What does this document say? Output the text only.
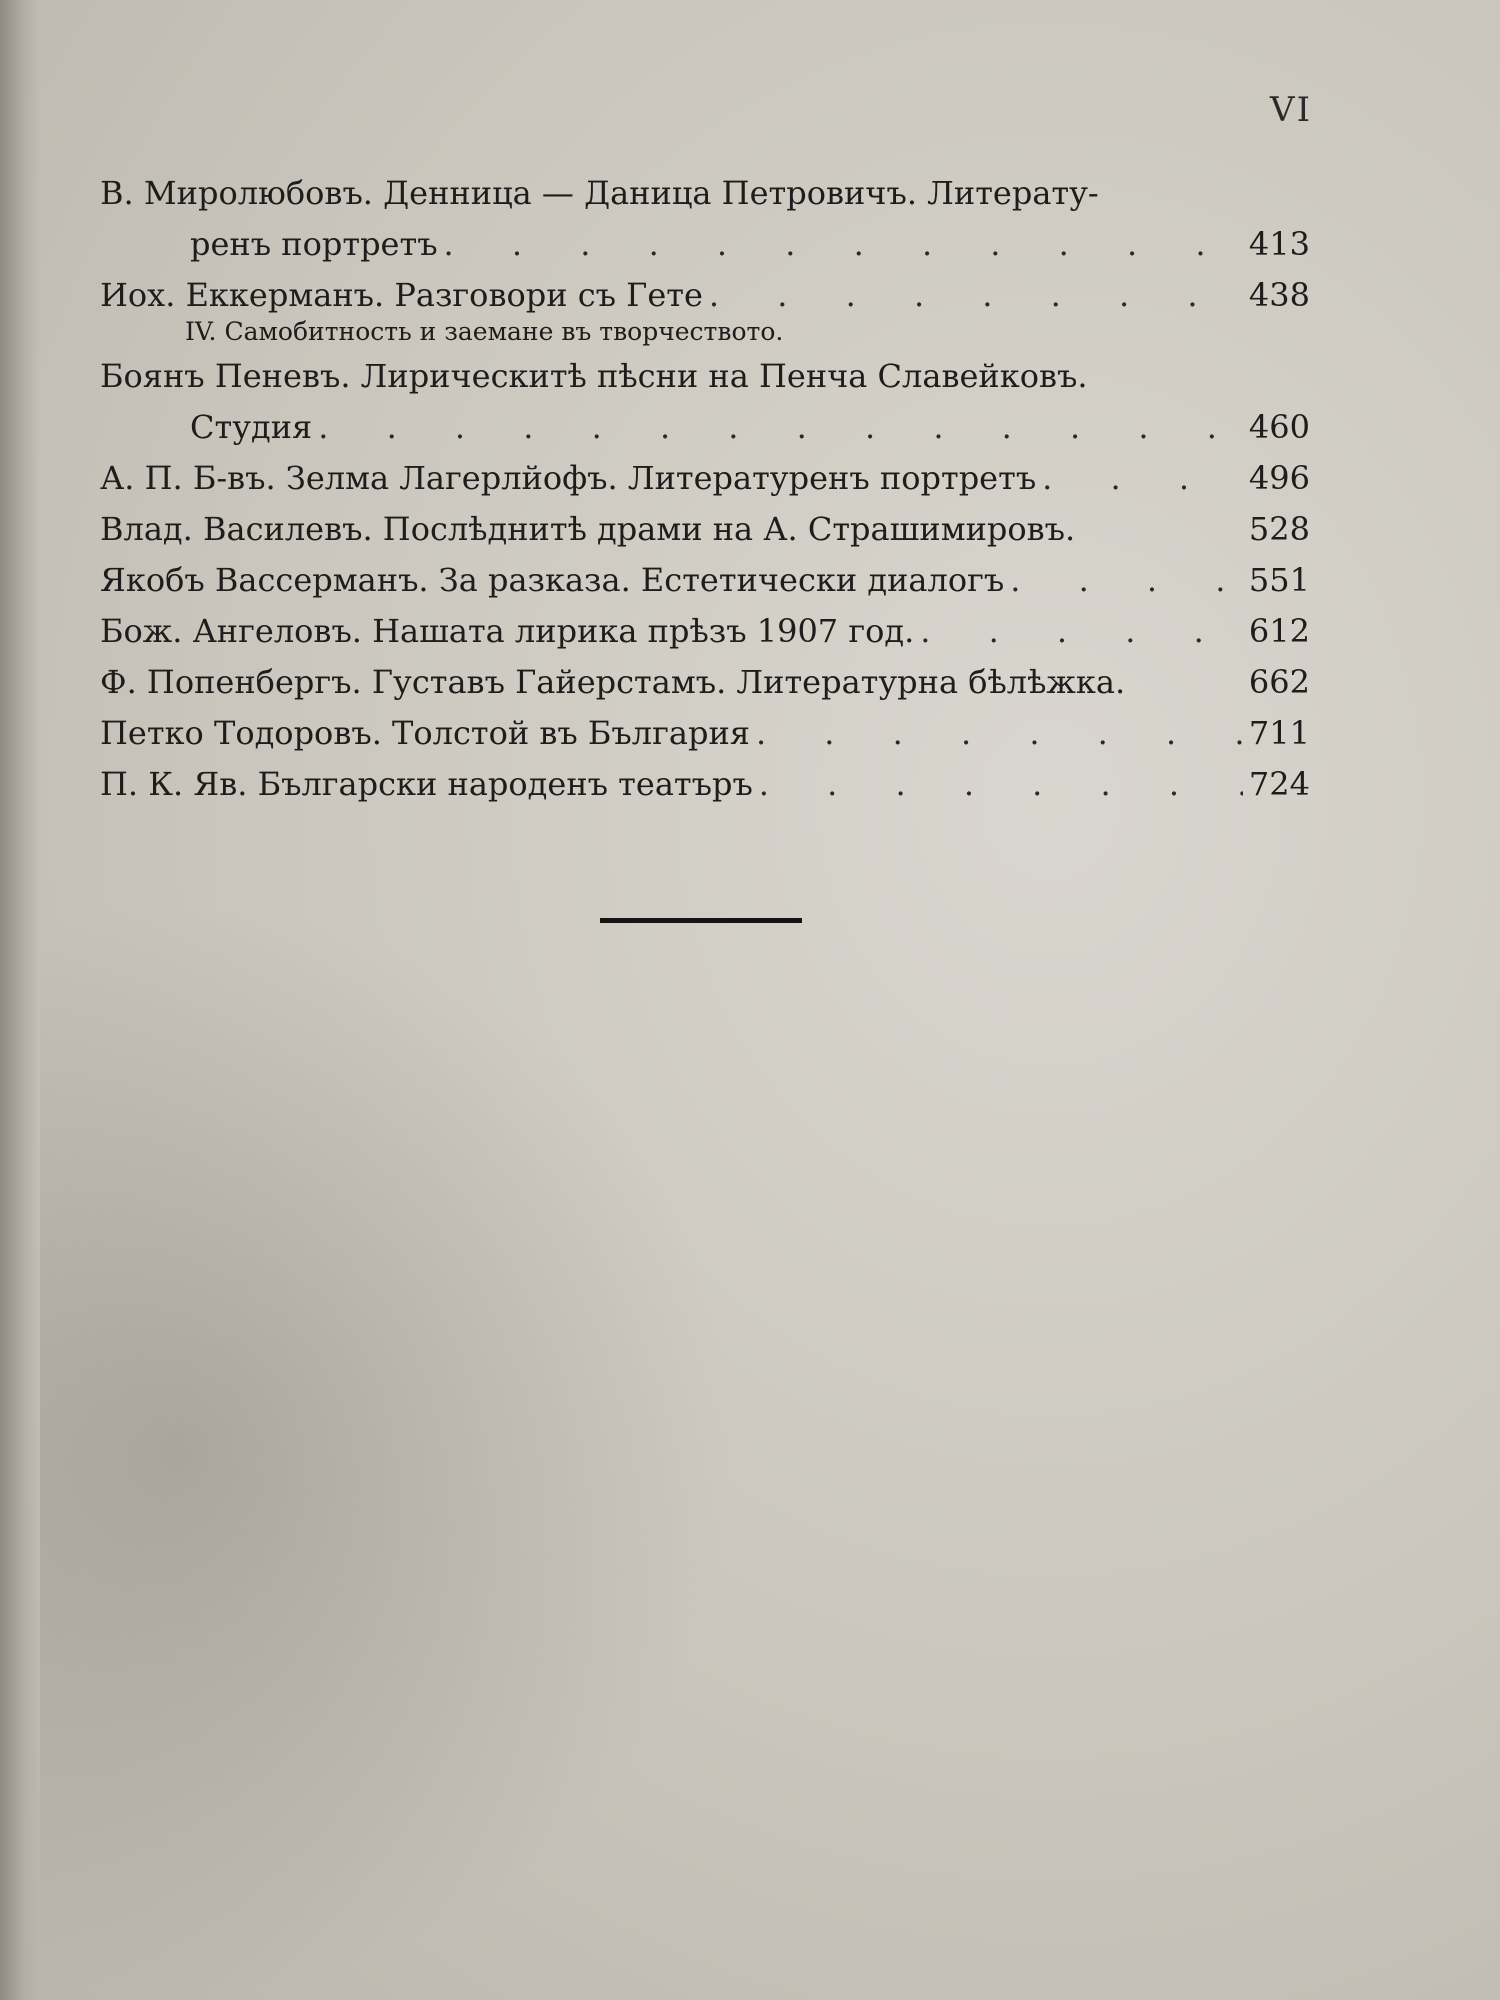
VI
В. Миролюбовъ. Денница — Даница Петровичъ. Литерату-
ренъ портретъ . . .	413
Иох. Еккерманъ. Разговори съ Гете . . .	438
IV. Самобитность и заемане въ творчеството.
Боянъ Пеневъ. Лирическитѣ пѣсни на Пенча Славейковъ.
Студия . . .	460
А. П. Б-въ. Зелма Лагерлйофъ. Литературенъ портретъ . . .	496
Влад. Василевъ. Послѣднитѣ драми на А. Страшимировъ.	528
Якобъ Вассерманъ. За разказа. Естетически диалогъ . . .	551
Бож. Ангеловъ. Нашата лирика прѣзъ 1907 год. . . .	612
Ф. Попенбергъ. Густавъ Гайерстамъ. Литературна бѣлѣжка.	662
Петко Тодоровъ. Толстой въ България . . .	711
П. К. Яв. Български народенъ театъръ . . .	724
